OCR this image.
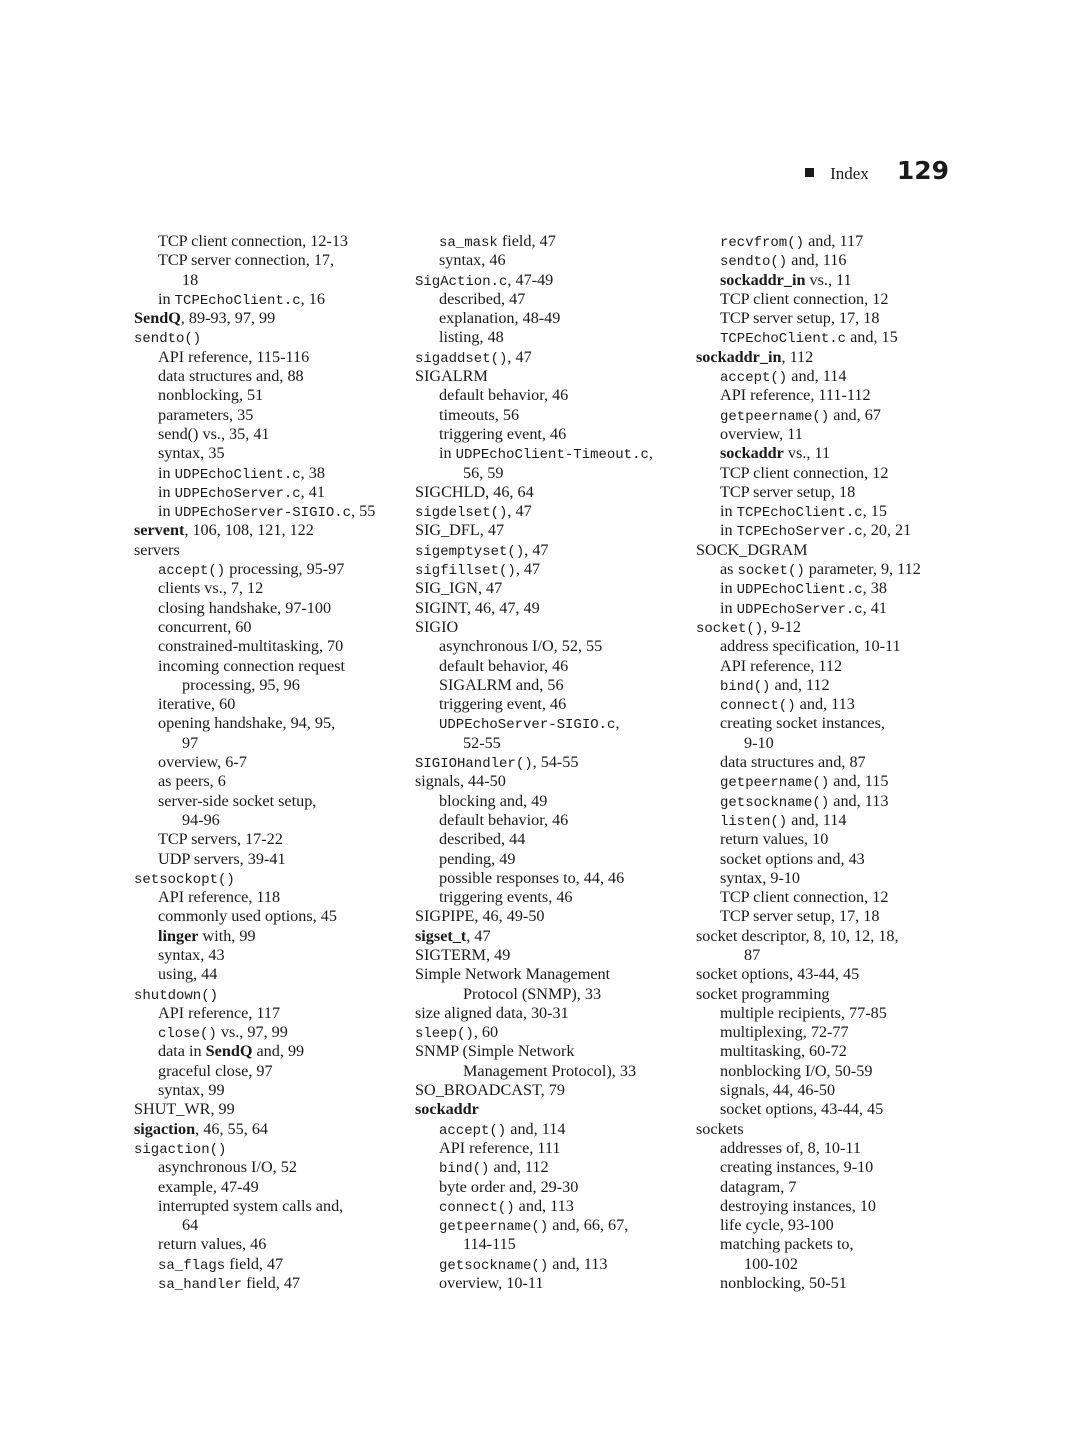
Index 129
TCP client connection, 12-13
TCP server connection, 17,
18
in TCPEchoClient.c, 16
SendQ, 89-93, 97, 99
sendto()
API reference, 115-116
data structures and, 88
nonblocking, 51
parameters, 35
send() vs., 35, 41
syntax, 35
in UDPEchoClient.c, 38
in UDPEchoServer.c, 41
in UDPEchoServer-SIGIO.c, 55
servent, 106, 108, 121, 122
servers
accept() processing, 95-97
clients vs., 7, 12
closing handshake, 97-100
concurrent, 60
constrained-multitasking, 70
incoming connection request
processing, 95, 96
iterative, 60
opening handshake, 94, 95,
97
overview, 6-7
as peers, 6
server-side socket setup,
94-96
TCP servers, 17-22
UDP servers, 39-41
setsockopt()
API reference, 118
commonly used options, 45
linger with, 99
syntax, 43
using, 44
shutdown()
API reference, 117
close() vs., 97, 99
data in SendQ and, 99
graceful close, 97
syntax, 99
SHUT_WR, 99
sigaction, 46, 55, 64
sigaction()
asynchronous I/O, 52
example, 47-49
interrupted system calls and,
64
return values, 46
sa_flags field, 47
sa_handler field, 47
sa_mask field, 47
syntax, 46
SigAction.c, 47-49
described, 47
explanation, 48-49
listing, 48
sigaddset(), 47
SIGALRM
default behavior, 46
timeouts, 56
triggering event, 46
in UDPEchoClient-Timeout.c,
56, 59
SIGCHLD, 46, 64
sigdelset(), 47
SIG_DFL, 47
sigemptyset(), 47
sigfillset(), 47
SIG_IGN, 47
SIGINT, 46, 47, 49
SIGIO
asynchronous I/O, 52, 55
default behavior, 46
SIGALRM and, 56
triggering event, 46
UDPEchoServer-SIGIO.c,
52-55
SIGIOHandler(), 54-55
signals, 44-50
blocking and, 49
default behavior, 46
described, 44
pending, 49
possible responses to, 44, 46
triggering events, 46
SIGPIPE, 46, 49-50
sigset_t, 47
SIGTERM, 49
Simple Network Management
Protocol (SNMP), 33
size aligned data, 30-31
sleep(), 60
SNMP (Simple Network
Management Protocol), 33
SO_BROADCAST, 79
sockaddr
accept() and, 114
API reference, 111
bind() and, 112
byte order and, 29-30
connect() and, 113
getpeername() and, 66, 67,
114-115
getsockname() and, 113
overview, 10-11
recvfrom() and, 117
sendto() and, 116
sockaddr_in vs., 11
TCP client connection, 12
TCP server setup, 17, 18
TCPEchoClient.c and, 15
sockaddr_in, 112
accept() and, 114
API reference, 111-112
getpeername() and, 67
overview, 11
sockaddr vs., 11
TCP client connection, 12
TCP server setup, 18
in TCPEchoClient.c, 15
in TCPEchoServer.c, 20, 21
SOCK_DGRAM
as socket() parameter, 9, 112
in UDPEchoClient.c, 38
in UDPEchoServer.c, 41
socket(), 9-12
address specification, 10-11
API reference, 112
bind() and, 112
connect() and, 113
creating socket instances,
9-10
data structures and, 87
getpeername() and, 115
getsockname() and, 113
listen() and, 114
return values, 10
socket options and, 43
syntax, 9-10
TCP client connection, 12
TCP server setup, 17, 18
socket descriptor, 8, 10, 12, 18,
87
socket options, 43-44, 45
socket programming
multiple recipients, 77-85
multiplexing, 72-77
multitasking, 60-72
nonblocking I/O, 50-59
signals, 44, 46-50
socket options, 43-44, 45
sockets
addresses of, 8, 10-11
creating instances, 9-10
datagram, 7
destroying instances, 10
life cycle, 93-100
matching packets to,
100-102
nonblocking, 50-51
